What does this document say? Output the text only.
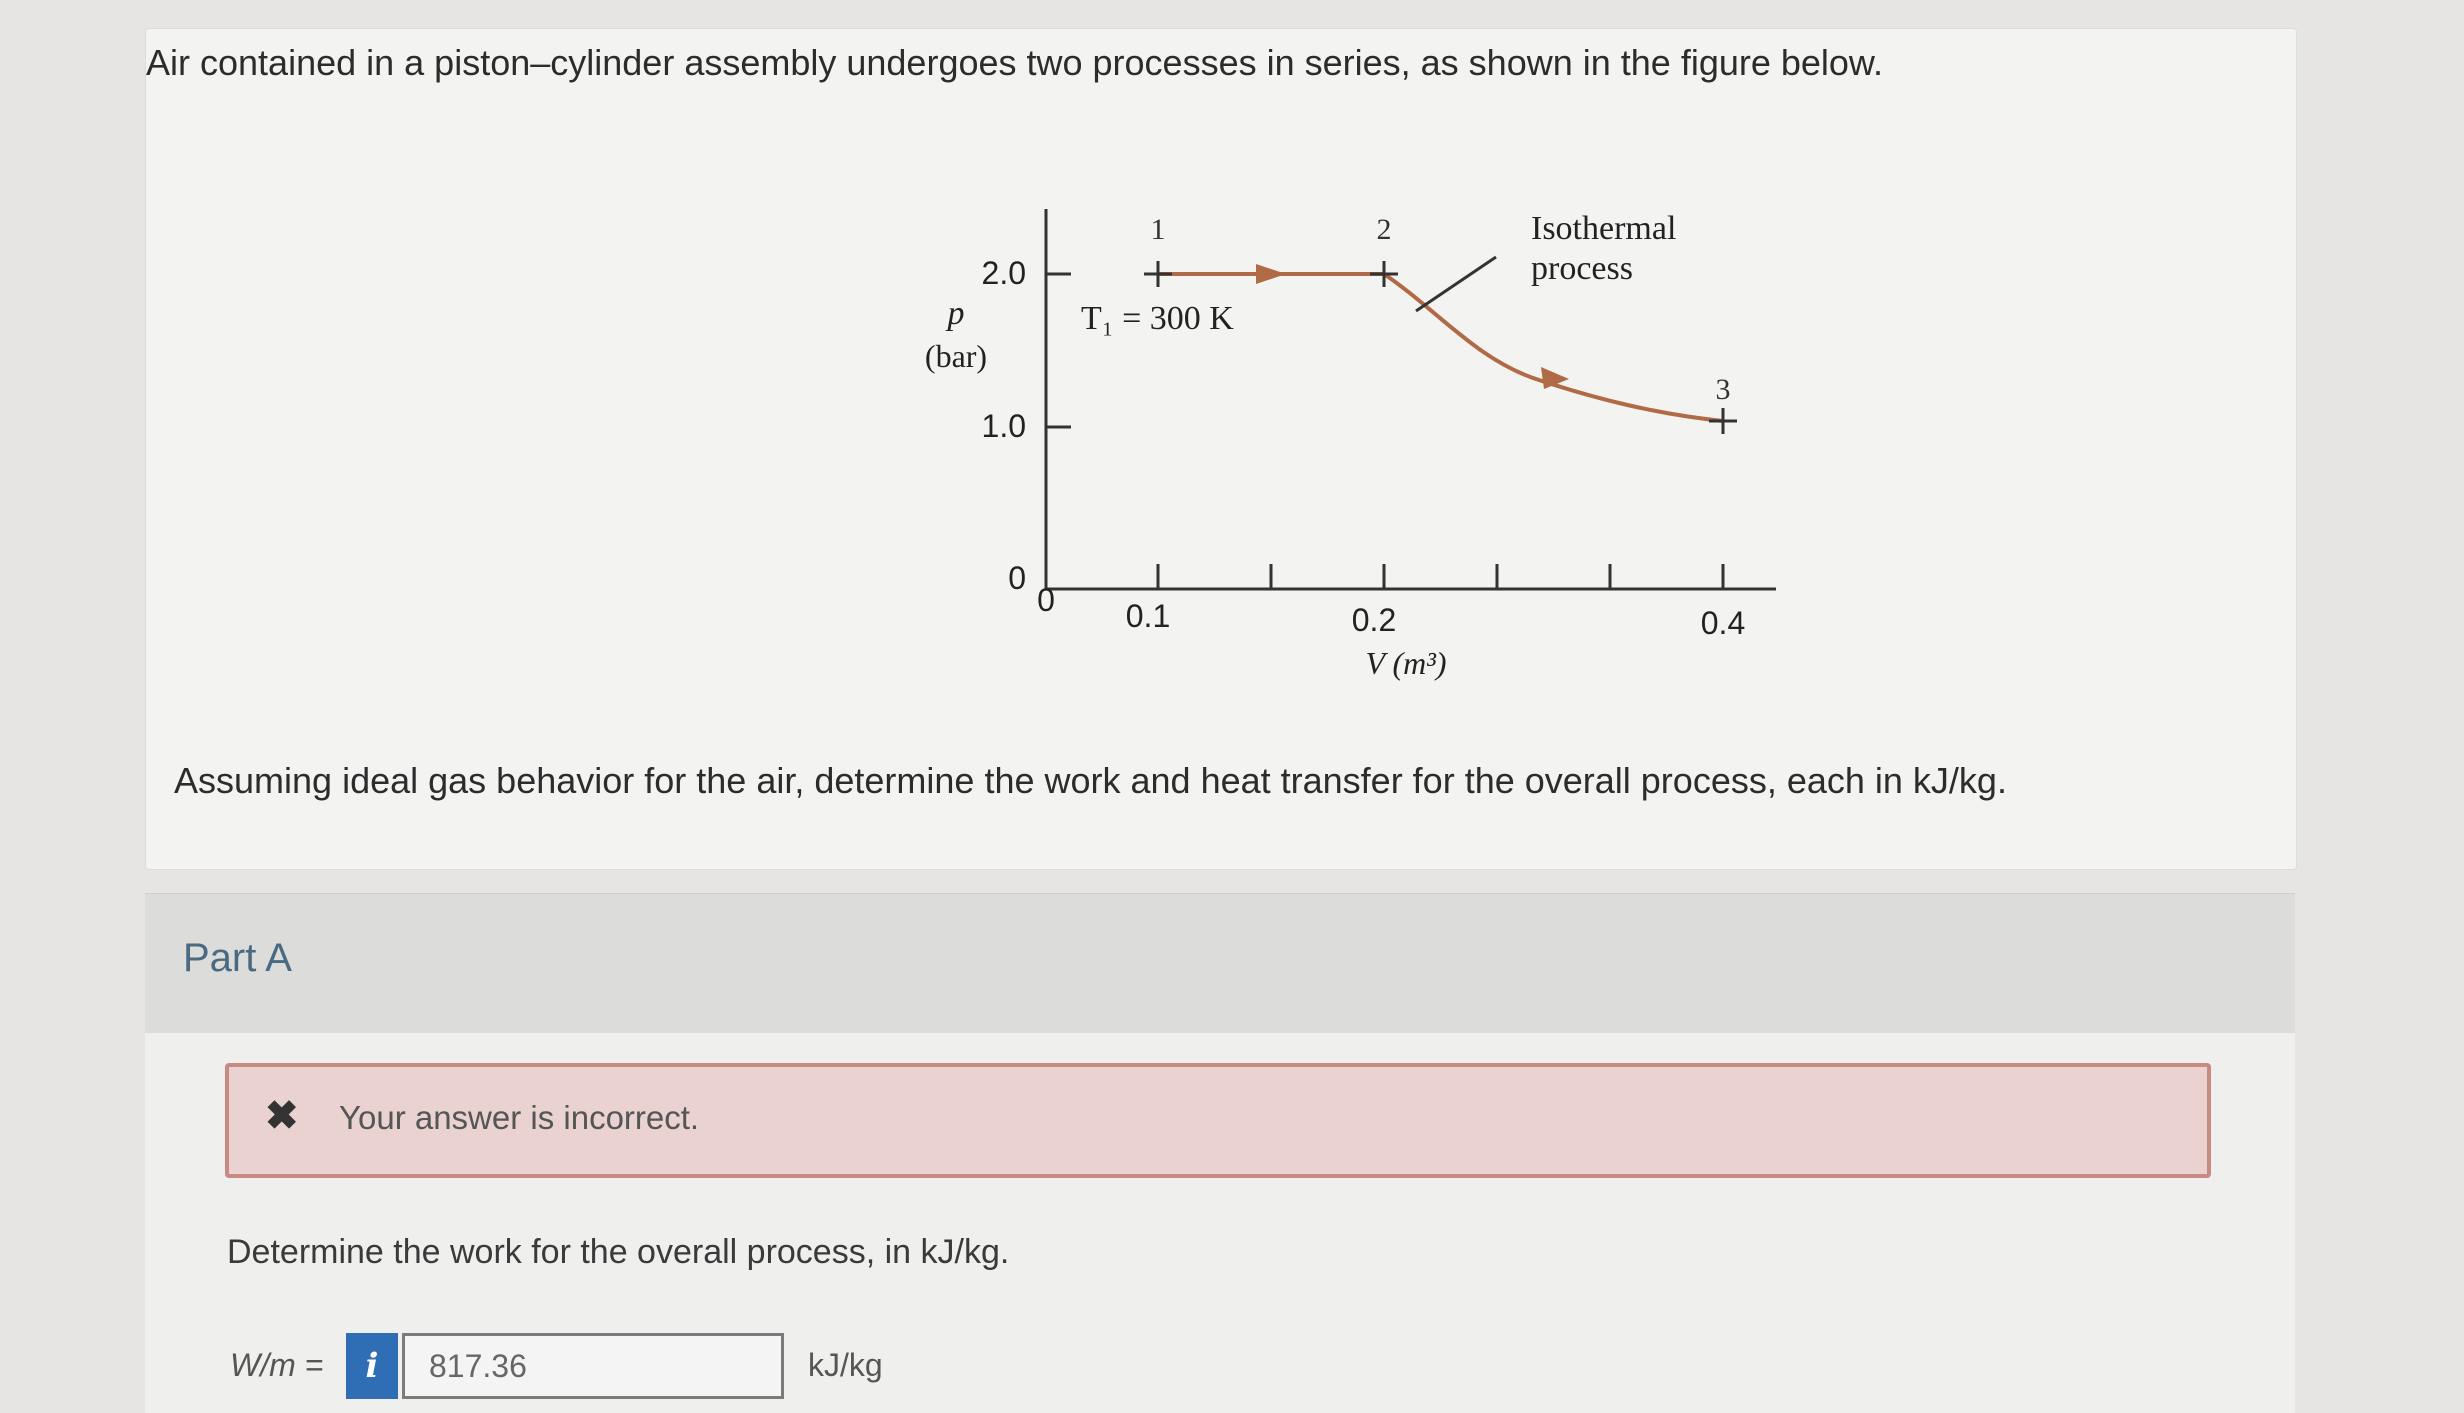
Air contained in a piston–cylinder assembly undergoes two processes in series, as shown in the figure below.
2.0
1.0
0
p
(bar)
0 0.1	0.2	0.4
V (m³)
1	2
3
T₁ = 300 K
Isothermal
process
Assuming ideal gas behavior for the air, determine the work and heat transfer for the overall process, each in kJ/kg.
Part A
✖ Your answer is incorrect.
Determine the work for the overall process, in kJ/kg.
W/m =	i
817.36	kJ/kg
